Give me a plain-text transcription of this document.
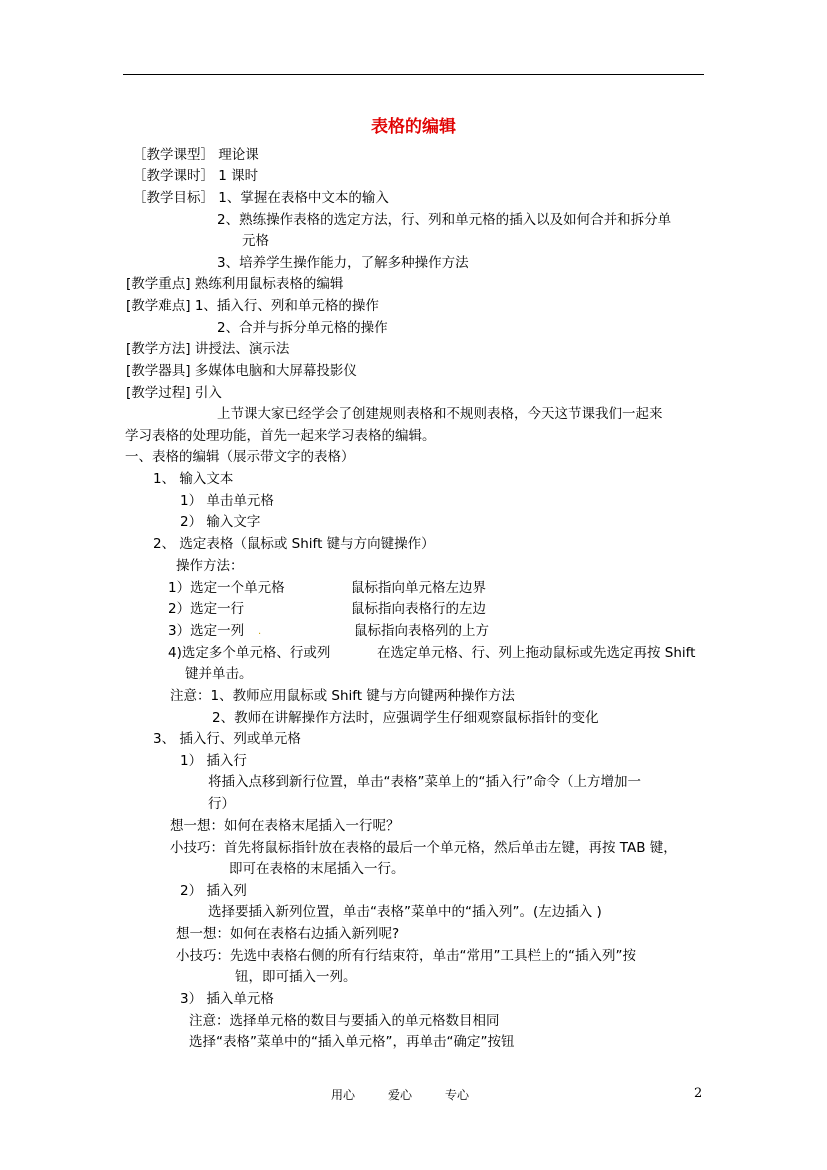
表格的编辑
［教学课型］ 理论课
［教学课时］ 1 课时
［教学目标］ 1、掌握在表格中文本的输入
2、熟练操作表格的选定方法，行、列和单元格的插入以及如何合并和拆分单
元格
3、培养学生操作能力，了解多种操作方法
[教学重点] 熟练利用鼠标表格的编辑
[教学难点] 1、插入行、列和单元格的操作
2、合并与拆分单元格的操作
[教学方法] 讲授法、演示法
[教学器具] 多媒体电脑和大屏幕投影仪
[教学过程] 引入
上节课大家已经学会了创建规则表格和不规则表格，今天这节课我们一起来
学习表格的处理功能，首先一起来学习表格的编辑。
一、表格的编辑（展示带文字的表格）
1、 输入文本
1） 单击单元格
2） 输入文字
2、 选定表格（鼠标或 Shift 键与方向键操作）
操作方法：
1）选定一个单元格	鼠标指向单元格左边界
2）选定一行	鼠标指向表格行的左边
3）选定一列 .	鼠标指向表格列的上方
4)选定多个单元格、行或列	在选定单元格、行、列上拖动鼠标或先选定再按 Shift
键并单击。
注意：1、教师应用鼠标或 Shift 键与方向键两种操作方法
2、教师在讲解操作方法时，应强调学生仔细观察鼠标指针的变化
3、 插入行、列或单元格
1） 插入行
将插入点移到新行位置，单击“表格”菜单上的“插入行”命令（上方增加一
行）
想一想：如何在表格末尾插入一行呢？
小技巧：首先将鼠标指针放在表格的最后一个单元格，然后单击左键，再按 TAB 键，
即可在表格的末尾插入一行。
2） 插入列
选择要插入新列位置，单击“表格”菜单中的“插入列”。(左边插入 )
想一想：如何在表格右边插入新列呢?
小技巧：先选中表格右侧的所有行结束符，单击“常用”工具栏上的“插入列”按
钮，即可插入一列。
3） 插入单元格
注意：选择单元格的数目与要插入的单元格数目相同
选择“表格”菜单中的“插入单元格”，再单击“确定”按钮
用心	爱心	专心	2
